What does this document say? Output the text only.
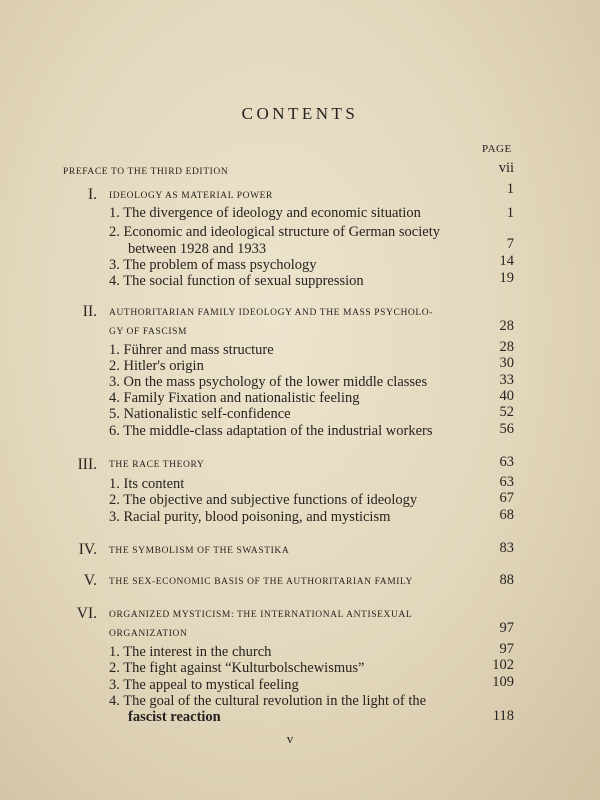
CONTENTS
PAGE
PREFACE TO THE THIRD EDITION	vii
I. IDEOLOGY AS MATERIAL POWER	1
1. The divergence of ideology and economic situation	1
2. Economic and ideological structure of German society
between 1928 and 1933	7
3. The problem of mass psychology	14
4. The social function of sexual suppression	19
II. AUTHORITARIAN FAMILY IDEOLOGY AND THE MASS PSYCHOLO-
GY OF FASCISM	28
1. Führer and mass structure	28
2. Hitler's origin	30
3. On the mass psychology of the lower middle classes	33
4. Family Fixation and nationalistic feeling	40
5. Nationalistic self-confidence	52
6. The middle-class adaptation of the industrial workers	56
III. THE RACE THEORY	63
1. Its content	63
2. The objective and subjective functions of ideology	67
3. Racial purity, blood poisoning, and mysticism	68
IV. THE SYMBOLISM OF THE SWASTIKA	83
V. THE SEX-ECONOMIC BASIS OF THE AUTHORITARIAN FAMILY	88
VI. ORGANIZED MYSTICISM: THE INTERNATIONAL ANTISEXUAL
ORGANIZATION	97
1. The interest in the church	97
2. The fight against “Kulturbolschewismus”	102
3. The appeal to mystical feeling	109
4. The goal of the cultural revolution in the light of the
fascist reaction	118
v
